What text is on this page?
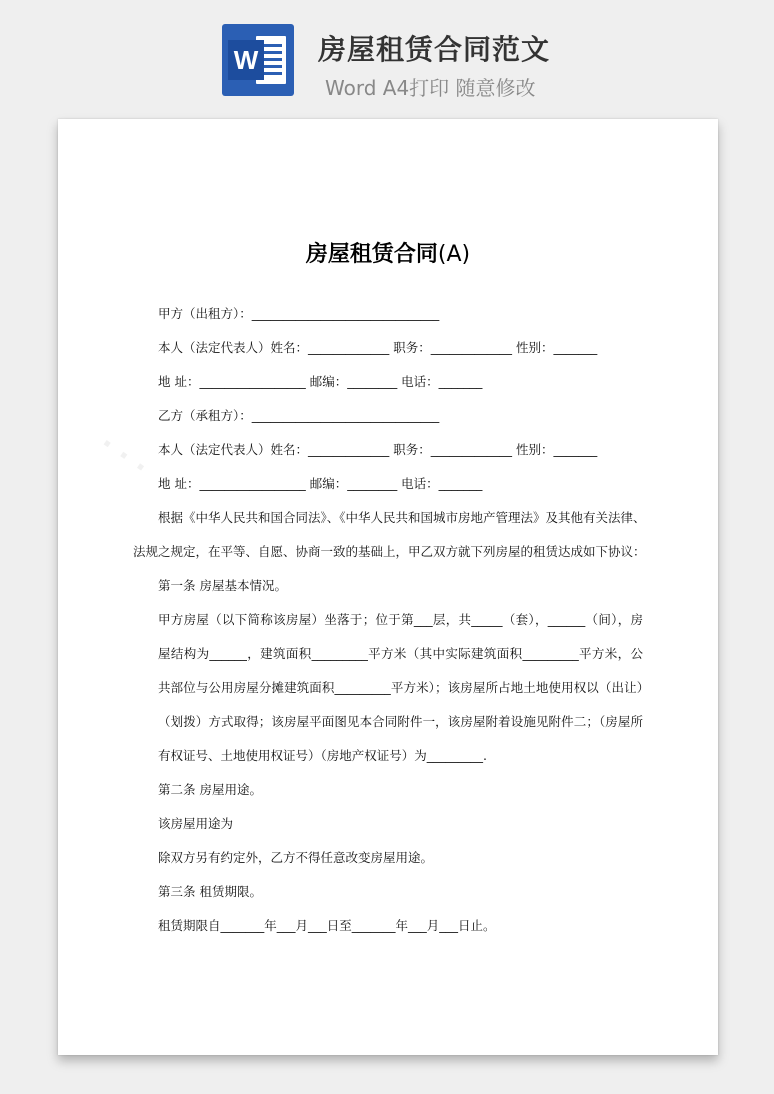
W 房屋租赁合同范文
Word A4打印 随意修改
· · ·
房屋租赁合同(A)
甲方（出租方）：______________________________
本人（法定代表人）姓名：_____________ 职务：_____________ 性别：_______
地 址：_________________ 邮编：________ 电话：_______
乙方（承租方）：______________________________
本人（法定代表人）姓名：_____________ 职务：_____________ 性别：_______
地 址：_________________ 邮编：________ 电话：_______
根据《中华人民共和国合同法》、《中华人民共和国城市房地产管理法》及其他有关法律、
法规之规定，在平等、自愿、协商一致的基础上，甲乙双方就下列房屋的租赁达成如下协议：
第一条 房屋基本情况。
甲方房屋（以下简称该房屋）坐落于；位于第___层，共_____（套），______（间），房屋结构为______，建筑面积_________平方米（其中实际建筑面积_________平方米，公共部位与公用房屋分摊建筑面积_________平方米）；该房屋所占地土地使用权以（出让）（划拨）方式取得；该房屋平面图见本合同附件一，该房屋附着设施见附件二；（房屋所有权证号、土地使用权证号）（房地产权证号）为_________.
第二条 房屋用途。
该房屋用途为
除双方另有约定外，乙方不得任意改变房屋用途。
第三条 租赁期限。
租赁期限自_______年___月___日至_______年___月___日止。
